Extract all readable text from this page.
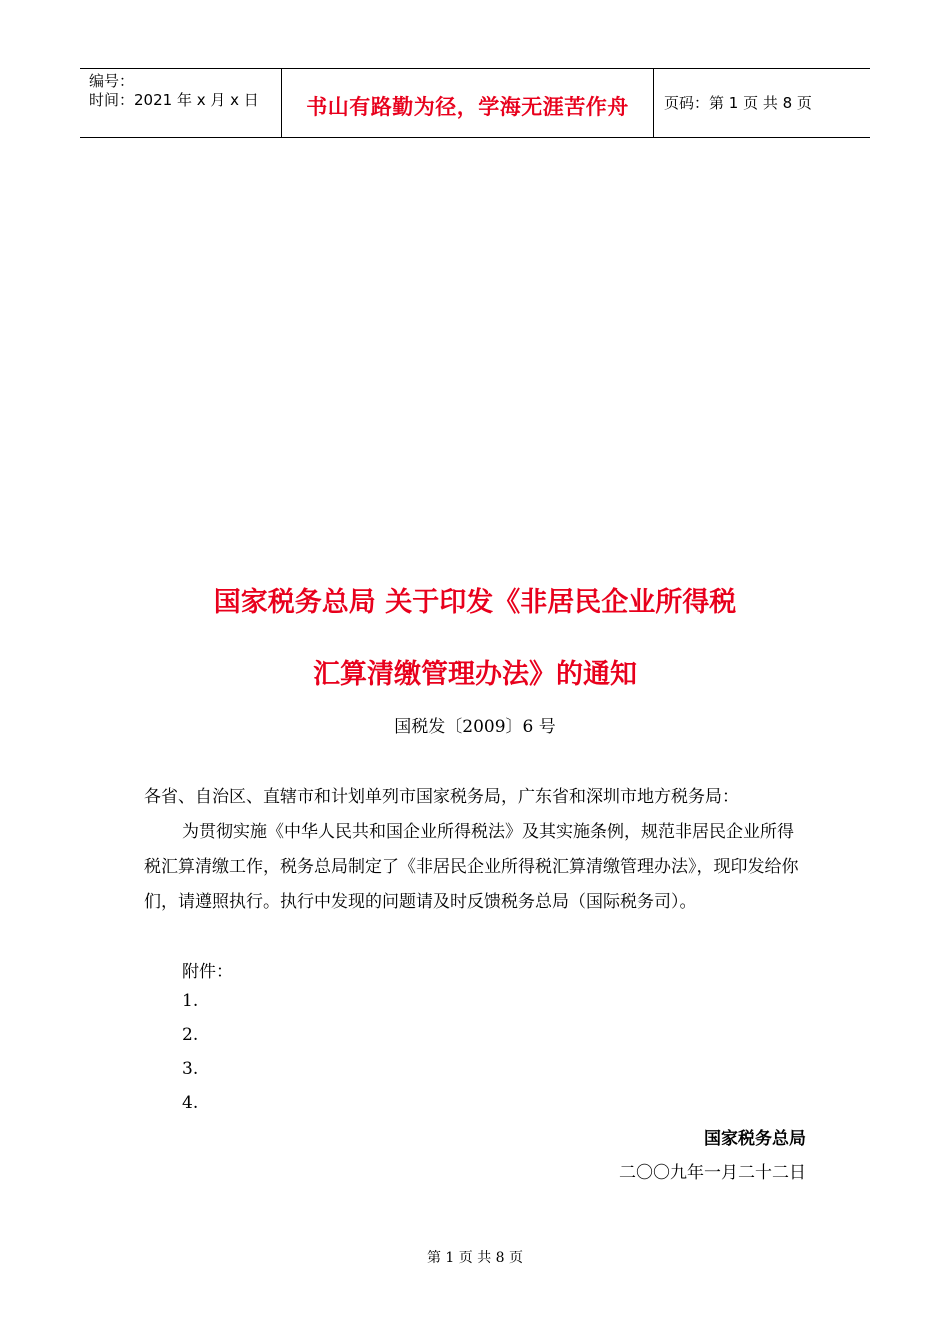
编号：
时间：2021 年 x 月 x 日	书山有路勤为径，学海无涯苦作舟	页码：第 1 页 共 8 页
国家税务总局 关于印发《非居民企业所得税
汇算清缴管理办法》的通知
国税发〔2009〕6 号
各省、自治区、直辖市和计划单列市国家税务局，广东省和深圳市地方税务局：
为贯彻实施《中华人民共和国企业所得税法》及其实施条例，规范非居民企业所得税汇算清缴工作，税务总局制定了《非居民企业所得税汇算清缴管理办法》，现印发给你们，请遵照执行。执行中发现的问题请及时反馈税务总局（国际税务司）。
附件：
1.
2.
3.
4.
国家税务总局
二〇〇九年一月二十二日
第 1 页 共 8 页
